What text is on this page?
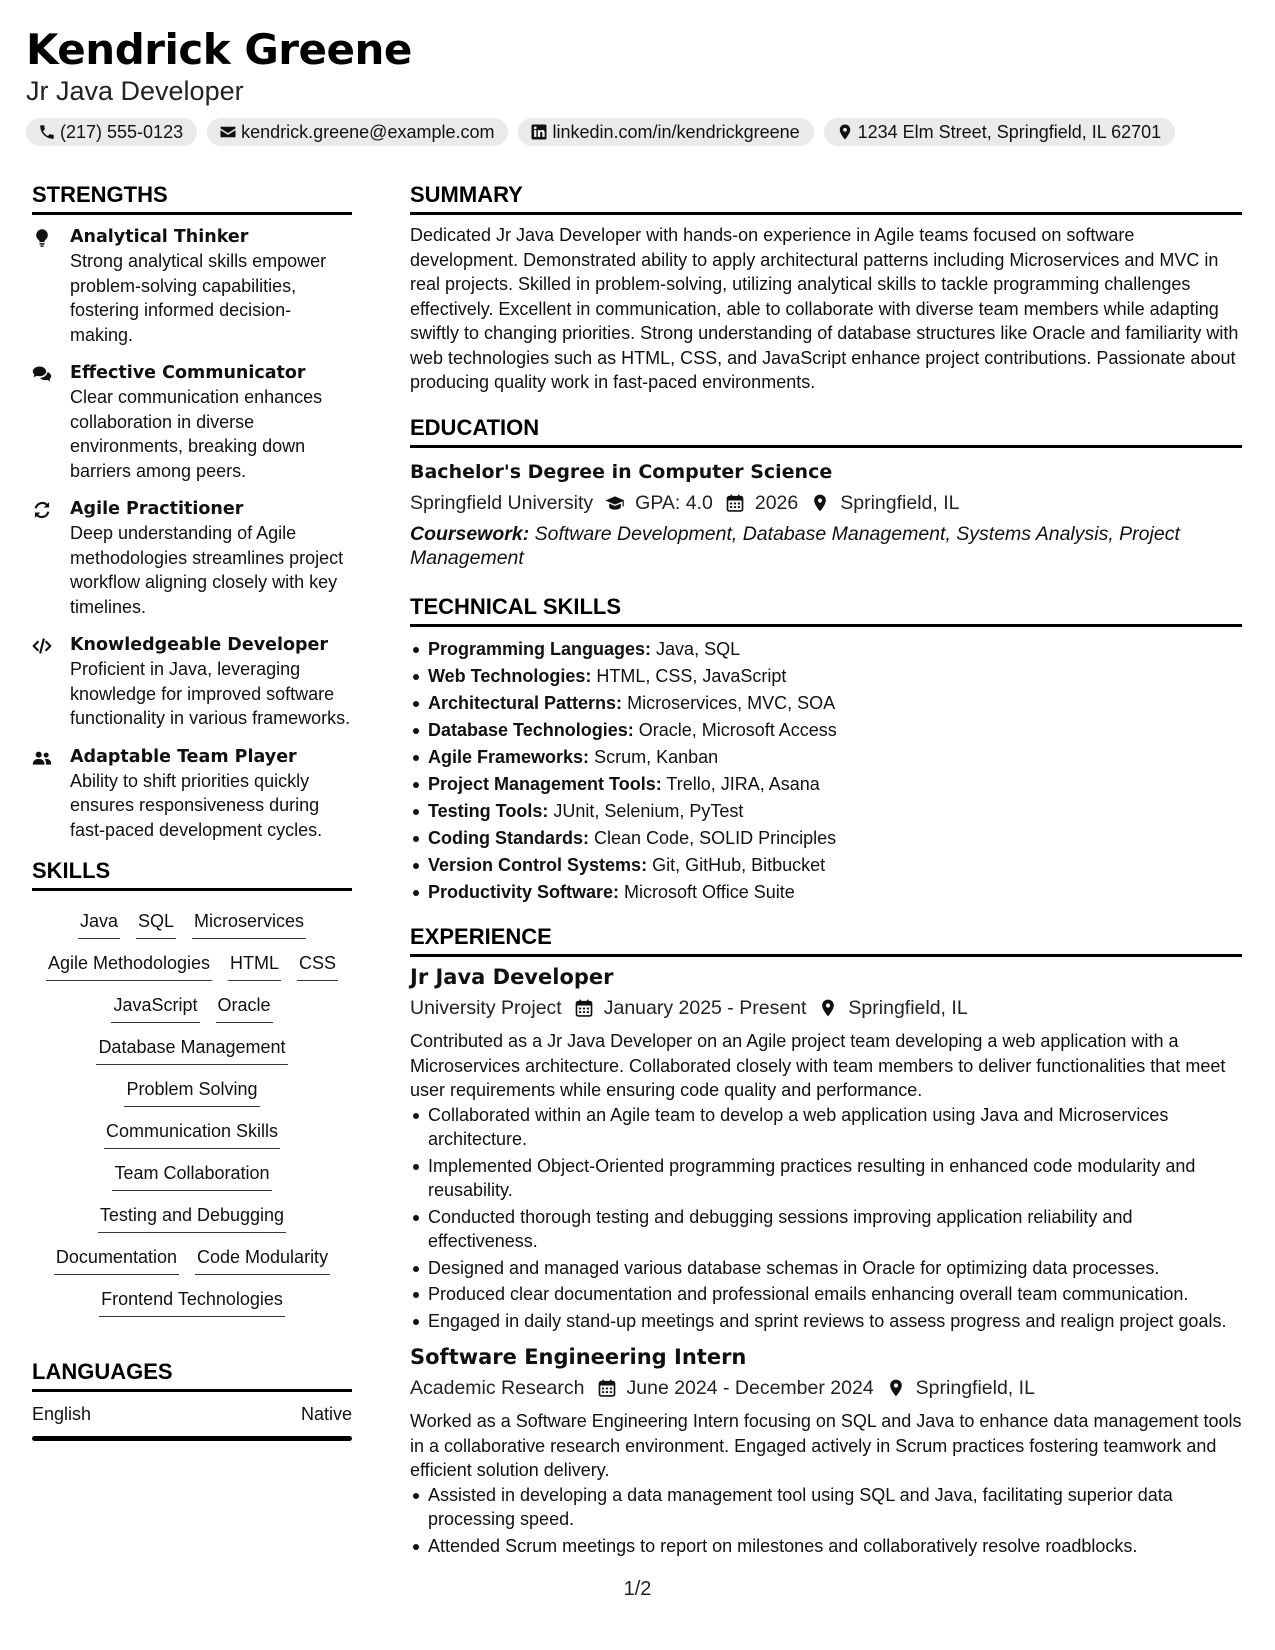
Kendrick Greene
Jr Java Developer
(217) 555-0123	kendrick.greene@example.com	linkedin.com/in/kendrickgreene	1234 Elm Street, Springfield, IL 62701
STRENGTHS
Analytical Thinker

Strong analytical skills empower problem-solving capabilities, fostering informed decision-making.

Effective Communicator

Clear communication enhances collaboration in diverse environments, breaking down barriers among peers.

Agile Practitioner

Deep understanding of Agile methodologies streamlines project workflow aligning closely with key timelines.

Knowledgeable Developer

Proficient in Java, leveraging knowledge for improved software functionality in various frameworks.

Adaptable Team Player

Ability to shift priorities quickly ensures responsiveness during fast-paced development cycles.

SKILLS
Java SQL Microservices
Agile Methodologies HTML CSS
JavaScript Oracle
Database Management
Problem Solving
Communication Skills
Team Collaboration
Testing and Debugging
Documentation Code Modularity
Frontend Technologies
LANGUAGES
English	Native
SUMMARY

Dedicated Jr Java Developer with hands-on experience in Agile teams focused on software development. Demonstrated ability to apply architectural patterns including Microservices and MVC in real projects. Skilled in problem-solving, utilizing analytical skills to tackle programming challenges effectively. Excellent in communication, able to collaborate with diverse team members while adapting swiftly to changing priorities. Strong understanding of database structures like Oracle and familiarity with web technologies such as HTML, CSS, and JavaScript enhance project contributions. Passionate about producing quality work in fast-paced environments.

EDUCATION
Bachelor's Degree in Computer Science
Springfield University GPA: 4.0 2026 Springfield, IL
Coursework: Software Development, Database Management, Systems Analysis, Project Management
TECHNICAL SKILLS
Programming Languages: Java, SQL
Web Technologies: HTML, CSS, JavaScript
Architectural Patterns: Microservices, MVC, SOA
Database Technologies: Oracle, Microsoft Access
Agile Frameworks: Scrum, Kanban
Project Management Tools: Trello, JIRA, Asana
Testing Tools: JUnit, Selenium, PyTest
Coding Standards: Clean Code, SOLID Principles
Version Control Systems: Git, GitHub, Bitbucket
Productivity Software: Microsoft Office Suite
EXPERIENCE
Jr Java Developer
University Project January 2025 - Present Springfield, IL

Contributed as a Jr Java Developer on an Agile project team developing a web application with a Microservices architecture. Collaborated closely with team members to deliver functionalities that meet user requirements while ensuring code quality and performance.

Collaborated within an Agile team to develop a web application using Java and Microservices architecture.
Implemented Object-Oriented programming practices resulting in enhanced code modularity and reusability.
Conducted thorough testing and debugging sessions improving application reliability and effectiveness.
Designed and managed various database schemas in Oracle for optimizing data processes.
Produced clear documentation and professional emails enhancing overall team communication.
Engaged in daily stand-up meetings and sprint reviews to assess progress and realign project goals.
Software Engineering Intern
Academic Research June 2024 - December 2024 Springfield, IL

Worked as a Software Engineering Intern focusing on SQL and Java to enhance data management tools in a collaborative research environment. Engaged actively in Scrum practices fostering teamwork and efficient solution delivery.

Assisted in developing a data management tool using SQL and Java, facilitating superior data processing speed.
Attended Scrum meetings to report on milestones and collaboratively resolve roadblocks.
1/2
